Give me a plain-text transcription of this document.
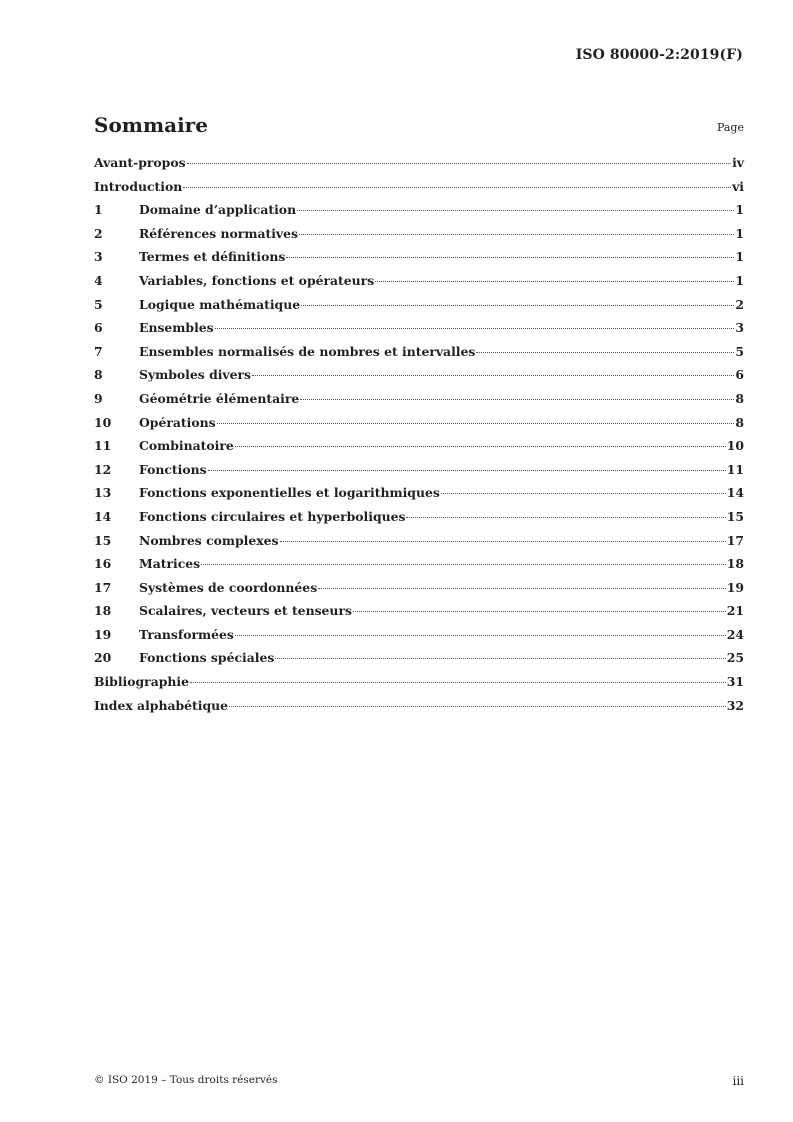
ISO 80000-2:2019(F)
Sommaire	Page
Avant-propos	iv
Introduction	vi
1	Domaine d’application	1
2	Références normatives	1
3	Termes et définitions	1
4	Variables, fonctions et opérateurs	1
5	Logique mathématique	2
6	Ensembles	3
7	Ensembles normalisés de nombres et intervalles	5
8	Symboles divers	6
9	Géométrie élémentaire	8
10	Opérations	8
11	Combinatoire	10
12	Fonctions	11
13	Fonctions exponentielles et logarithmiques	14
14	Fonctions circulaires et hyperboliques	15
15	Nombres complexes	17
16	Matrices	18
17	Systèmes de coordonnées	19
18	Scalaires, vecteurs et tenseurs	21
19	Transformées	24
20	Fonctions spéciales	25
Bibliographie	31
Index alphabétique	32
© ISO 2019 – Tous droits réservés	iii
